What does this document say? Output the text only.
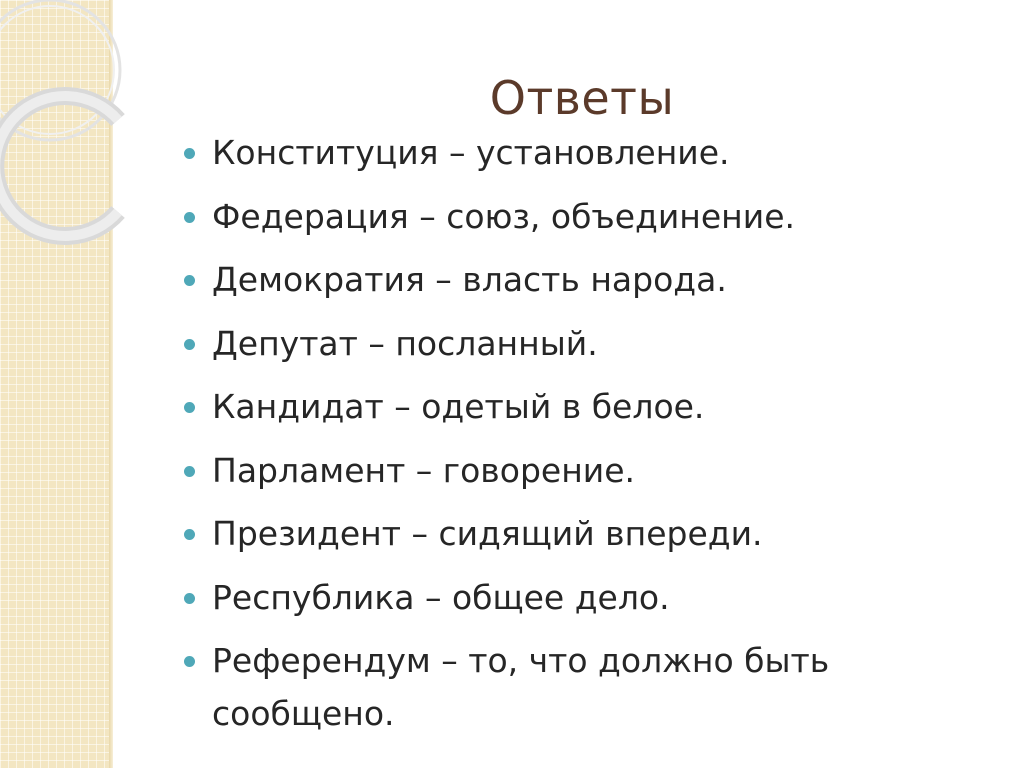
Ответы
Конституция – установление.
Федерация – союз, объединение.
Демократия – власть народа.
Депутат – посланный.
Кандидат – одетый в белое.
Парламент – говорение.
Президент – сидящий впереди.
Республика – общее дело.
Референдум – то, что должно быть сообщено.
